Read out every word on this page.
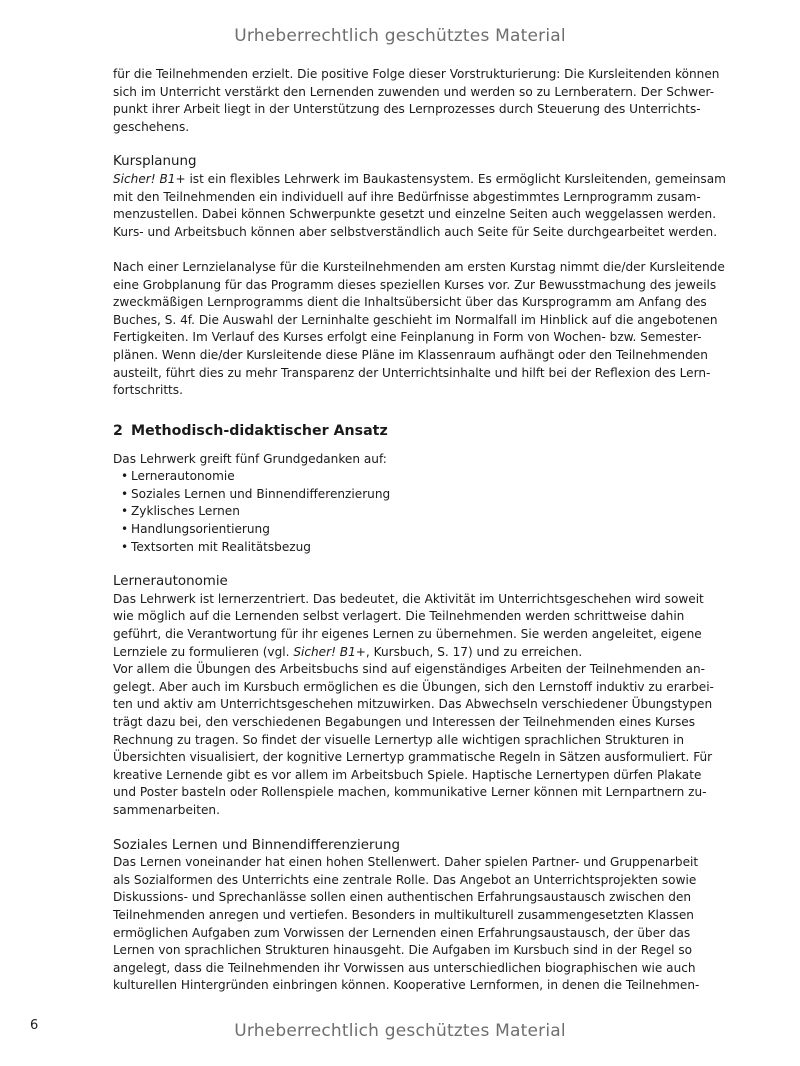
Urheberrechtlich geschütztes Material
für die Teilnehmenden erzielt. Die positive Folge dieser Vorstrukturierung: Die Kursleitenden können
sich im Unterricht verstärkt den Lernenden zuwenden und werden so zu Lernberatern. Der Schwer-
punkt ihrer Arbeit liegt in der Unterstützung des Lernprozesses durch Steuerung des Unterrichts-
geschehens.
Kursplanung
Sicher! B1+ ist ein flexibles Lehrwerk im Baukastensystem. Es ermöglicht Kursleitenden, gemeinsam
mit den Teilnehmenden ein individuell auf ihre Bedürfnisse abgestimmtes Lernprogramm zusam-
menzustellen. Dabei können Schwerpunkte gesetzt und einzelne Seiten auch weggelassen werden.
Kurs- und Arbeitsbuch können aber selbstverständlich auch Seite für Seite durchgearbeitet werden.
Nach einer Lernzielanalyse für die Kursteilnehmenden am ersten Kurstag nimmt die/der Kursleitende
eine Grobplanung für das Programm dieses speziellen Kurses vor. Zur Bewusstmachung des jeweils
zweckmäßigen Lernprogramms dient die Inhaltsübersicht über das Kursprogramm am Anfang des
Buches, S. 4f. Die Auswahl der Lerninhalte geschieht im Normalfall im Hinblick auf die angebotenen
Fertigkeiten. Im Verlauf des Kurses erfolgt eine Feinplanung in Form von Wochen- bzw. Semester-
plänen. Wenn die/der Kursleitende diese Pläne im Klassenraum aufhängt oder den Teilnehmenden
austeilt, führt dies zu mehr Transparenz der Unterrichtsinhalte und hilft bei der Reflexion des Lern-
fortschritts.
2 Methodisch-didaktischer Ansatz
Das Lehrwerk greift fünf Grundgedanken auf:
• Lernerautonomie
• Soziales Lernen und Binnendifferenzierung
• Zyklisches Lernen
• Handlungsorientierung
• Textsorten mit Realitätsbezug
Lernerautonomie
Das Lehrwerk ist lernerzentriert. Das bedeutet, die Aktivität im Unterrichtsgeschehen wird soweit
wie möglich auf die Lernenden selbst verlagert. Die Teilnehmenden werden schrittweise dahin
geführt, die Verantwortung für ihr eigenes Lernen zu übernehmen. Sie werden angeleitet, eigene
Lernziele zu formulieren (vgl. Sicher! B1+, Kursbuch, S. 17) und zu erreichen.
Vor allem die Übungen des Arbeitsbuchs sind auf eigenständiges Arbeiten der Teilnehmenden an-
gelegt. Aber auch im Kursbuch ermöglichen es die Übungen, sich den Lernstoff induktiv zu erarbei-
ten und aktiv am Unterrichtsgeschehen mitzuwirken. Das Abwechseln verschiedener Übungstypen
trägt dazu bei, den verschiedenen Begabungen und Interessen der Teilnehmenden eines Kurses
Rechnung zu tragen. So findet der visuelle Lernertyp alle wichtigen sprachlichen Strukturen in
Übersichten visualisiert, der kognitive Lernertyp grammatische Regeln in Sätzen ausformuliert. Für
kreative Lernende gibt es vor allem im Arbeitsbuch Spiele. Haptische Lernertypen dürfen Plakate
und Poster basteln oder Rollenspiele machen, kommunikative Lerner können mit Lernpartnern zu-
sammenarbeiten.
Soziales Lernen und Binnendifferenzierung
Das Lernen voneinander hat einen hohen Stellenwert. Daher spielen Partner- und Gruppenarbeit
als Sozialformen des Unterrichts eine zentrale Rolle. Das Angebot an Unterrichtsprojekten sowie
Diskussions- und Sprechanlässe sollen einen authentischen Erfahrungsaustausch zwischen den
Teilnehmenden anregen und vertiefen. Besonders in multikulturell zusammengesetzten Klassen
ermöglichen Aufgaben zum Vorwissen der Lernenden einen Erfahrungsaustausch, der über das
Lernen von sprachlichen Strukturen hinausgeht. Die Aufgaben im Kursbuch sind in der Regel so
angelegt, dass die Teilnehmenden ihr Vorwissen aus unterschiedlichen biographischen wie auch
kulturellen Hintergründen einbringen können. Kooperative Lernformen, in denen die Teilnehmen-
6	Urheberrechtlich geschütztes Material
